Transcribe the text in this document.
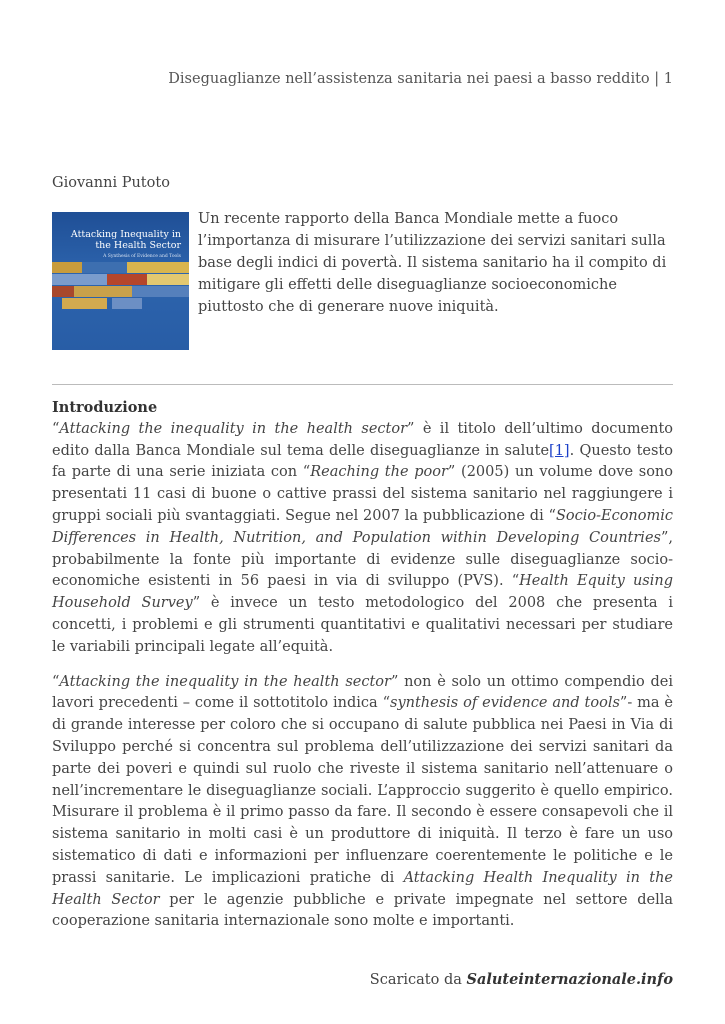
Diseguaglianze nell’assistenza sanitaria nei paesi a basso reddito | 1
Giovanni Putoto
Attacking Inequality in the Health Sector
A Synthesis of Evidence and Tools

Un recente rapporto della Banca Mondiale mette a fuoco l’importanza di misurare l’utilizzazione dei servizi sanitari sulla base degli indici di povertà. Il sistema sanitario ha il compito di mitigare gli effetti delle diseguaglianze socioeconomiche piuttosto che di generare nuove iniquità.

Introduzione

“Attacking the inequality in the health sector” è il titolo dell’ultimo documento edito dalla Banca Mondiale sul tema delle diseguaglianze in salute[1]. Questo testo fa parte di una serie iniziata con “Reaching the poor” (2005) un volume dove sono presentati 11 casi di buone o cattive prassi del sistema sanitario nel raggiungere i gruppi sociali più svantaggiati. Segue nel 2007 la pubblicazione di “Socio-Economic Differences in Health, Nutrition, and Population within Developing Countries”, probabilmente la fonte più importante di evidenze sulle diseguaglianze socio-economiche esistenti in 56 paesi in via di sviluppo (PVS). “Health Equity using Household Survey” è invece un testo metodologico del 2008 che presenta i concetti, i problemi e gli strumenti quantitativi e qualitativi necessari per studiare le variabili principali legate all’equità.

“Attacking the inequality in the health sector” non è solo un ottimo compendio dei lavori precedenti – come il sottotitolo indica “synthesis of evidence and tools”- ma è di grande interesse per coloro che si occupano di salute pubblica nei Paesi in Via di Sviluppo perché si concentra sul problema dell’utilizzazione dei servizi sanitari da parte dei poveri e quindi sul ruolo che riveste il sistema sanitario nell’attenuare o nell’incrementare le diseguaglianze sociali. L’approccio suggerito è quello empirico. Misurare il problema è il primo passo da fare. Il secondo è essere consapevoli che il sistema sanitario in molti casi è un produttore di iniquità. Il terzo è fare un uso sistematico di dati e informazioni per influenzare coerentemente le politiche e le prassi sanitarie. Le implicazioni pratiche di Attacking Health Inequality in the Health Sector per le agenzie pubbliche e private impegnate nel settore della cooperazione sanitaria internazionale sono molte e importanti.

Scaricato da Saluteinternazionale.info
